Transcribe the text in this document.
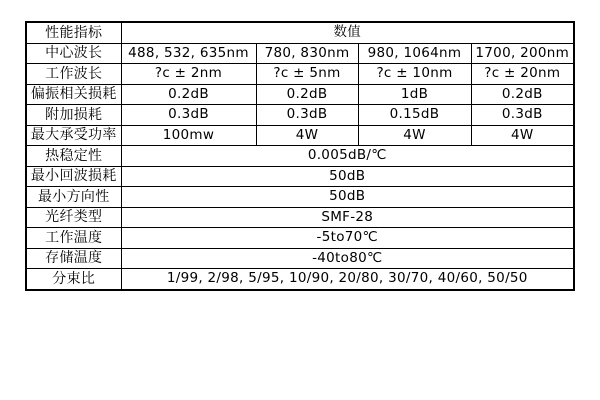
性能指标	数值			
中心波长	488, 532, 635nm	780, 830nm	980, 1064nm	1700, 200nm
工作波长	?c ± 2nm	?c ± 5nm	?c ± 10nm	?c ± 20nm
偏振相关损耗	0.2dB	0.2dB	1dB	0.2dB
附加损耗	0.3dB	0.3dB	0.15dB	0.3dB
最大承受功率	100mw	4W	4W	4W
热稳定性	0.005dB/℃			
最小回波损耗	50dB			
最小方向性	50dB			
光纤类型	SMF-28			
工作温度	-5to70℃			
存储温度	-40to80℃			
分束比	1/99, 2/98, 5/95, 10/90, 20/80, 30/70, 40/60, 50/50			
